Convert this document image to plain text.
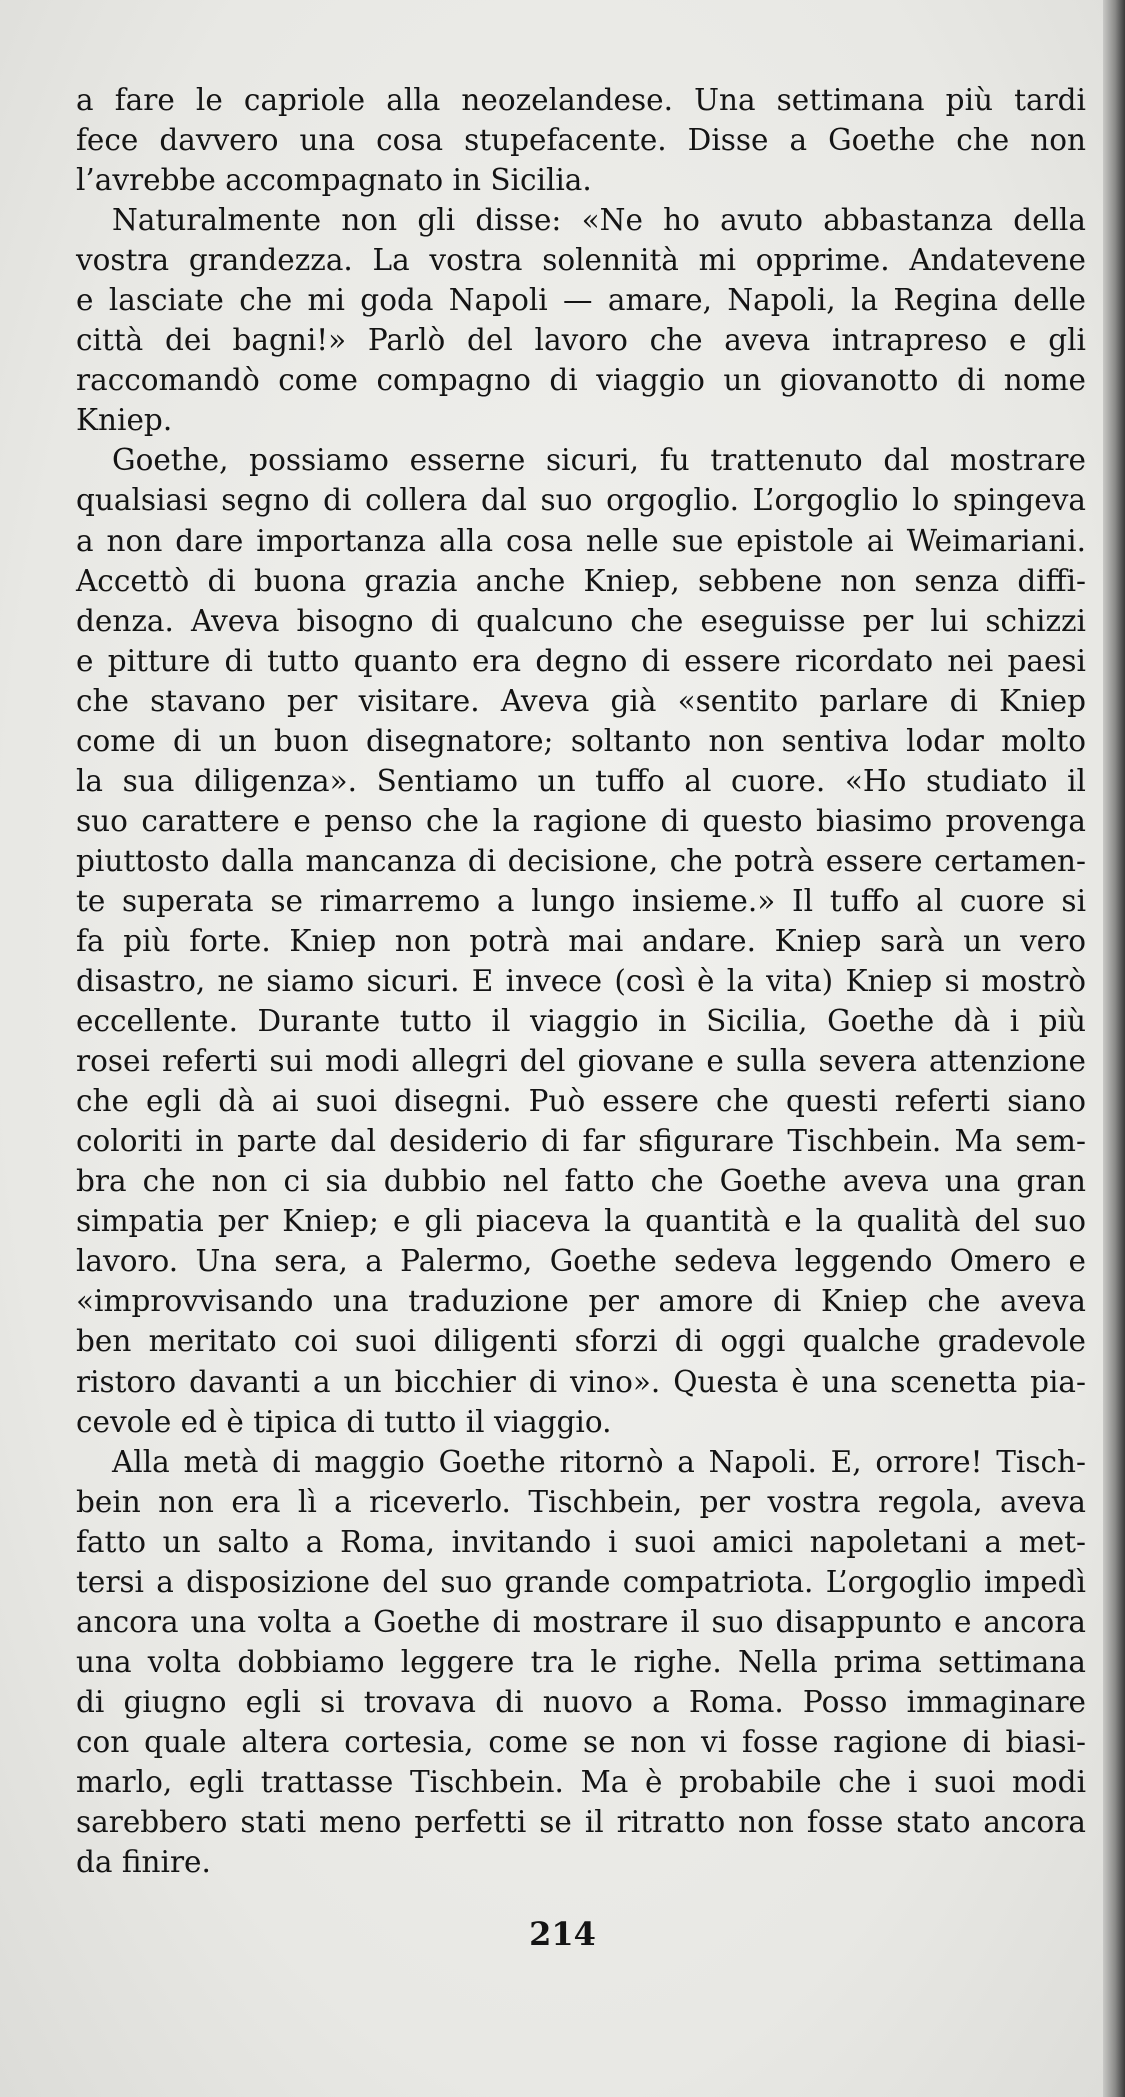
a fare le capriole alla neozelandese. Una settimana più tardi
fece davvero una cosa stupefacente. Disse a Goethe che non
l’avrebbe accompagnato in Sicilia.
Naturalmente non gli disse: «Ne ho avuto abbastanza della
vostra grandezza. La vostra solennità mi opprime. Andatevene
e lasciate che mi goda Napoli — amare, Napoli, la Regina delle
città dei bagni!» Parlò del lavoro che aveva intrapreso e gli
raccomandò come compagno di viaggio un giovanotto di nome
Kniep.
Goethe, possiamo esserne sicuri, fu trattenuto dal mostrare
qualsiasi segno di collera dal suo orgoglio. L’orgoglio lo spingeva
a non dare importanza alla cosa nelle sue epistole ai Weimariani.
Accettò di buona grazia anche Kniep, sebbene non senza diffi-
denza. Aveva bisogno di qualcuno che eseguisse per lui schizzi
e pitture di tutto quanto era degno di essere ricordato nei paesi
che stavano per visitare. Aveva già «sentito parlare di Kniep
come di un buon disegnatore; soltanto non sentiva lodar molto
la sua diligenza». Sentiamo un tuffo al cuore. «Ho studiato il
suo carattere e penso che la ragione di questo biasimo provenga
piuttosto dalla mancanza di decisione, che potrà essere certamen-
te superata se rimarremo a lungo insieme.» Il tuffo al cuore si
fa più forte. Kniep non potrà mai andare. Kniep sarà un vero
disastro, ne siamo sicuri. E invece (così è la vita) Kniep si mostrò
eccellente. Durante tutto il viaggio in Sicilia, Goethe dà i più
rosei referti sui modi allegri del giovane e sulla severa attenzione
che egli dà ai suoi disegni. Può essere che questi referti siano
coloriti in parte dal desiderio di far sfigurare Tischbein. Ma sem-
bra che non ci sia dubbio nel fatto che Goethe aveva una gran
simpatia per Kniep; e gli piaceva la quantità e la qualità del suo
lavoro. Una sera, a Palermo, Goethe sedeva leggendo Omero e
«improvvisando una traduzione per amore di Kniep che aveva
ben meritato coi suoi diligenti sforzi di oggi qualche gradevole
ristoro davanti a un bicchier di vino». Questa è una scenetta pia-
cevole ed è tipica di tutto il viaggio.
Alla metà di maggio Goethe ritornò a Napoli. E, orrore! Tisch-
bein non era lì a riceverlo. Tischbein, per vostra regola, aveva
fatto un salto a Roma, invitando i suoi amici napoletani a met-
tersi a disposizione del suo grande compatriota. L’orgoglio impedì
ancora una volta a Goethe di mostrare il suo disappunto e ancora
una volta dobbiamo leggere tra le righe. Nella prima settimana
di giugno egli si trovava di nuovo a Roma. Posso immaginare
con quale altera cortesia, come se non vi fosse ragione di biasi-
marlo, egli trattasse Tischbein. Ma è probabile che i suoi modi
sarebbero stati meno perfetti se il ritratto non fosse stato ancora
da finire.
214
